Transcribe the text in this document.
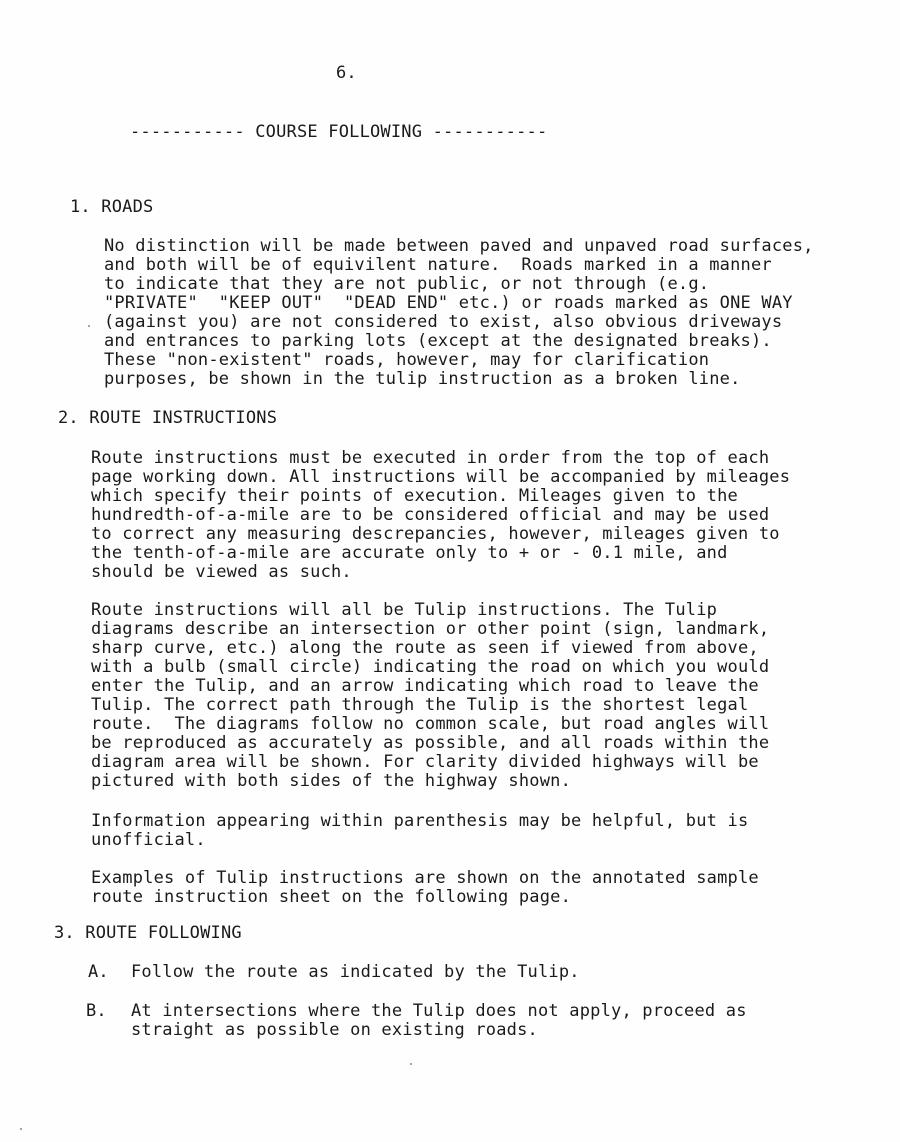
6.
----------- COURSE FOLLOWING -----------
1. ROADS
No distinction will be made between paved and unpaved road surfaces,
and both will be of equivilent nature.  Roads marked in a manner
to indicate that they are not public, or not through (e.g.
"PRIVATE"  "KEEP OUT"  "DEAD END" etc.) or roads marked as ONE WAY
(against you) are not considered to exist, also obvious driveways
and entrances to parking lots (except at the designated breaks).
These "non-existent" roads, however, may for clarification
purposes, be shown in the tulip instruction as a broken line.
2. ROUTE INSTRUCTIONS
Route instructions must be executed in order from the top of each
page working down. All instructions will be accompanied by mileages
which specify their points of execution. Mileages given to the
hundredth-of-a-mile are to be considered official and may be used
to correct any measuring descrepancies, however, mileages given to
the tenth-of-a-mile are accurate only to + or - 0.1 mile, and
should be viewed as such.
Route instructions will all be Tulip instructions. The Tulip
diagrams describe an intersection or other point (sign, landmark,
sharp curve, etc.) along the route as seen if viewed from above,
with a bulb (small circle) indicating the road on which you would
enter the Tulip, and an arrow indicating which road to leave the
Tulip. The correct path through the Tulip is the shortest legal
route.  The diagrams follow no common scale, but road angles will
be reproduced as accurately as possible, and all roads within the
diagram area will be shown. For clarity divided highways will be
pictured with both sides of the highway shown.
Information appearing within parenthesis may be helpful, but is
unofficial.
Examples of Tulip instructions are shown on the annotated sample
route instruction sheet on the following page.
3. ROUTE FOLLOWING
A. Follow the route as indicated by the Tulip.
B. At intersections where the Tulip does not apply, proceed as
straight as possible on existing roads.
